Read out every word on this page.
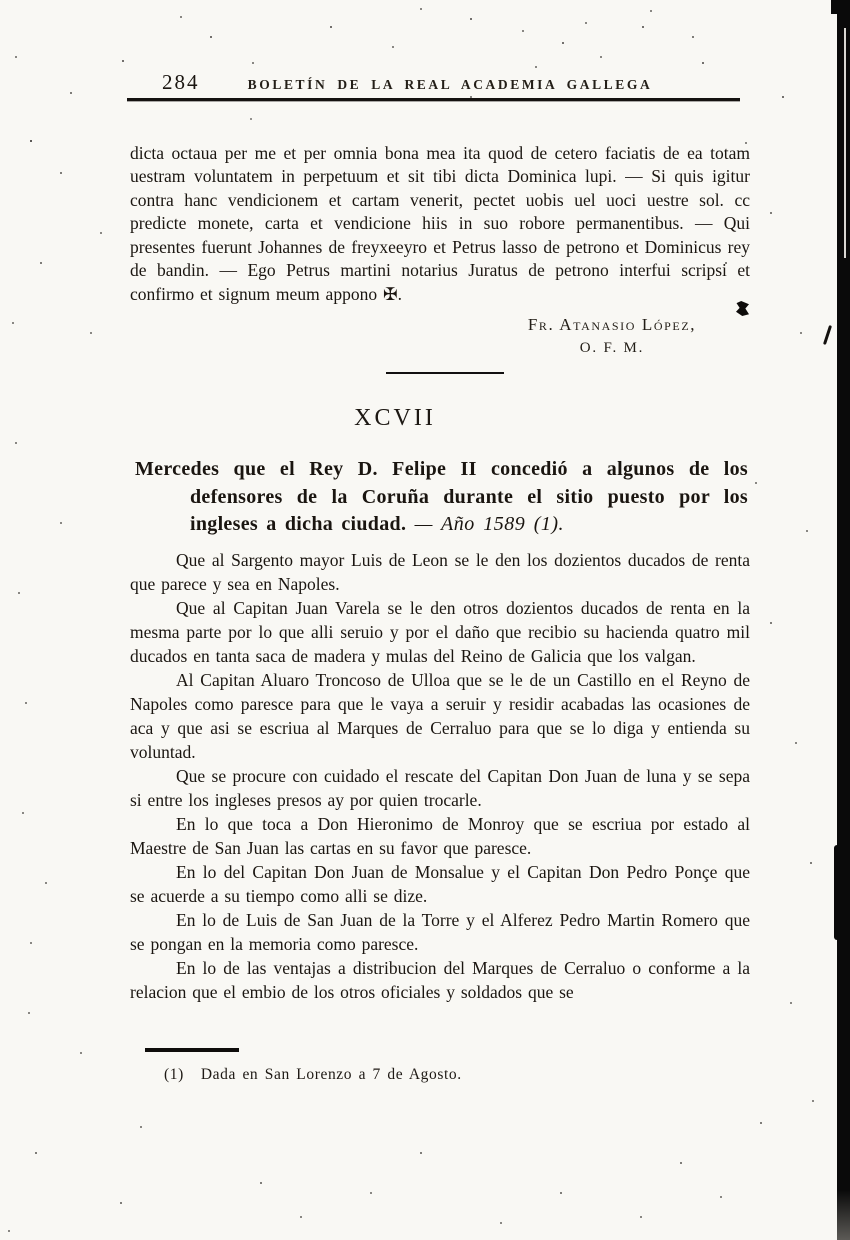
284	BOLETÍN DE LA REAL ACADEMIA GALLEGA

dicta octaua per me et per omnia bona mea ita quod de cetero faciatis de ea totam uestram voluntatem in perpetuum et sit tibi dicta Dominica lupi. — Si quis igitur contra hanc vendicionem et cartam venerit, pectet uobis uel uoci uestre sol. cc predicte monete, carta et vendicione hiis in suo robore permanentibus. — Qui presentes fuerunt Johannes de freyxeeyro et Petrus lasso de petrono et Dominicus rey de bandin. — Ego Petrus martini notarius Juratus de petrono interfui scripsi et confirmo et signum meum appono ✠.

Fr. Atanasio López,
O. F. M.
XCVII
Mercedes que el Rey D. Felipe II concedió a algunos de los defensores de la Coruña durante el sitio puesto por los ingleses a dicha ciudad. — Año 1589 (1).

Que al Sargento mayor Luis de Leon se le den los dozientos ducados de renta que parece y sea en Napoles.

Que al Capitan Juan Varela se le den otros dozientos ducados de renta en la mesma parte por lo que alli seruio y por el daño que recibio su hacienda quatro mil ducados en tanta saca de madera y mulas del Reino de Galicia que los valgan.

Al Capitan Aluaro Troncoso de Ulloa que se le de un Castillo en el Reyno de Napoles como paresce para que le vaya a seruir y residir acabadas las ocasiones de aca y que asi se escriua al Marques de Cerraluo para que se lo diga y entienda su voluntad.

Que se procure con cuidado el rescate del Capitan Don Juan de luna y se sepa si entre los ingleses presos ay por quien trocarle.

En lo que toca a Don Hieronimo de Monroy que se escriua por estado al Maestre de San Juan las cartas en su favor que paresce.

En lo del Capitan Don Juan de Monsalue y el Capitan Don Pedro Ponçe que se acuerde a su tiempo como alli se dize.

En lo de Luis de San Juan de la Torre y el Alferez Pedro Martin Romero que se pongan en la memoria como paresce.

En lo de las ventajas a distribucion del Marques de Cerraluo o conforme a la relacion que el embio de los otros oficiales y soldados que se

(1) Dada en San Lorenzo a 7 de Agosto.
